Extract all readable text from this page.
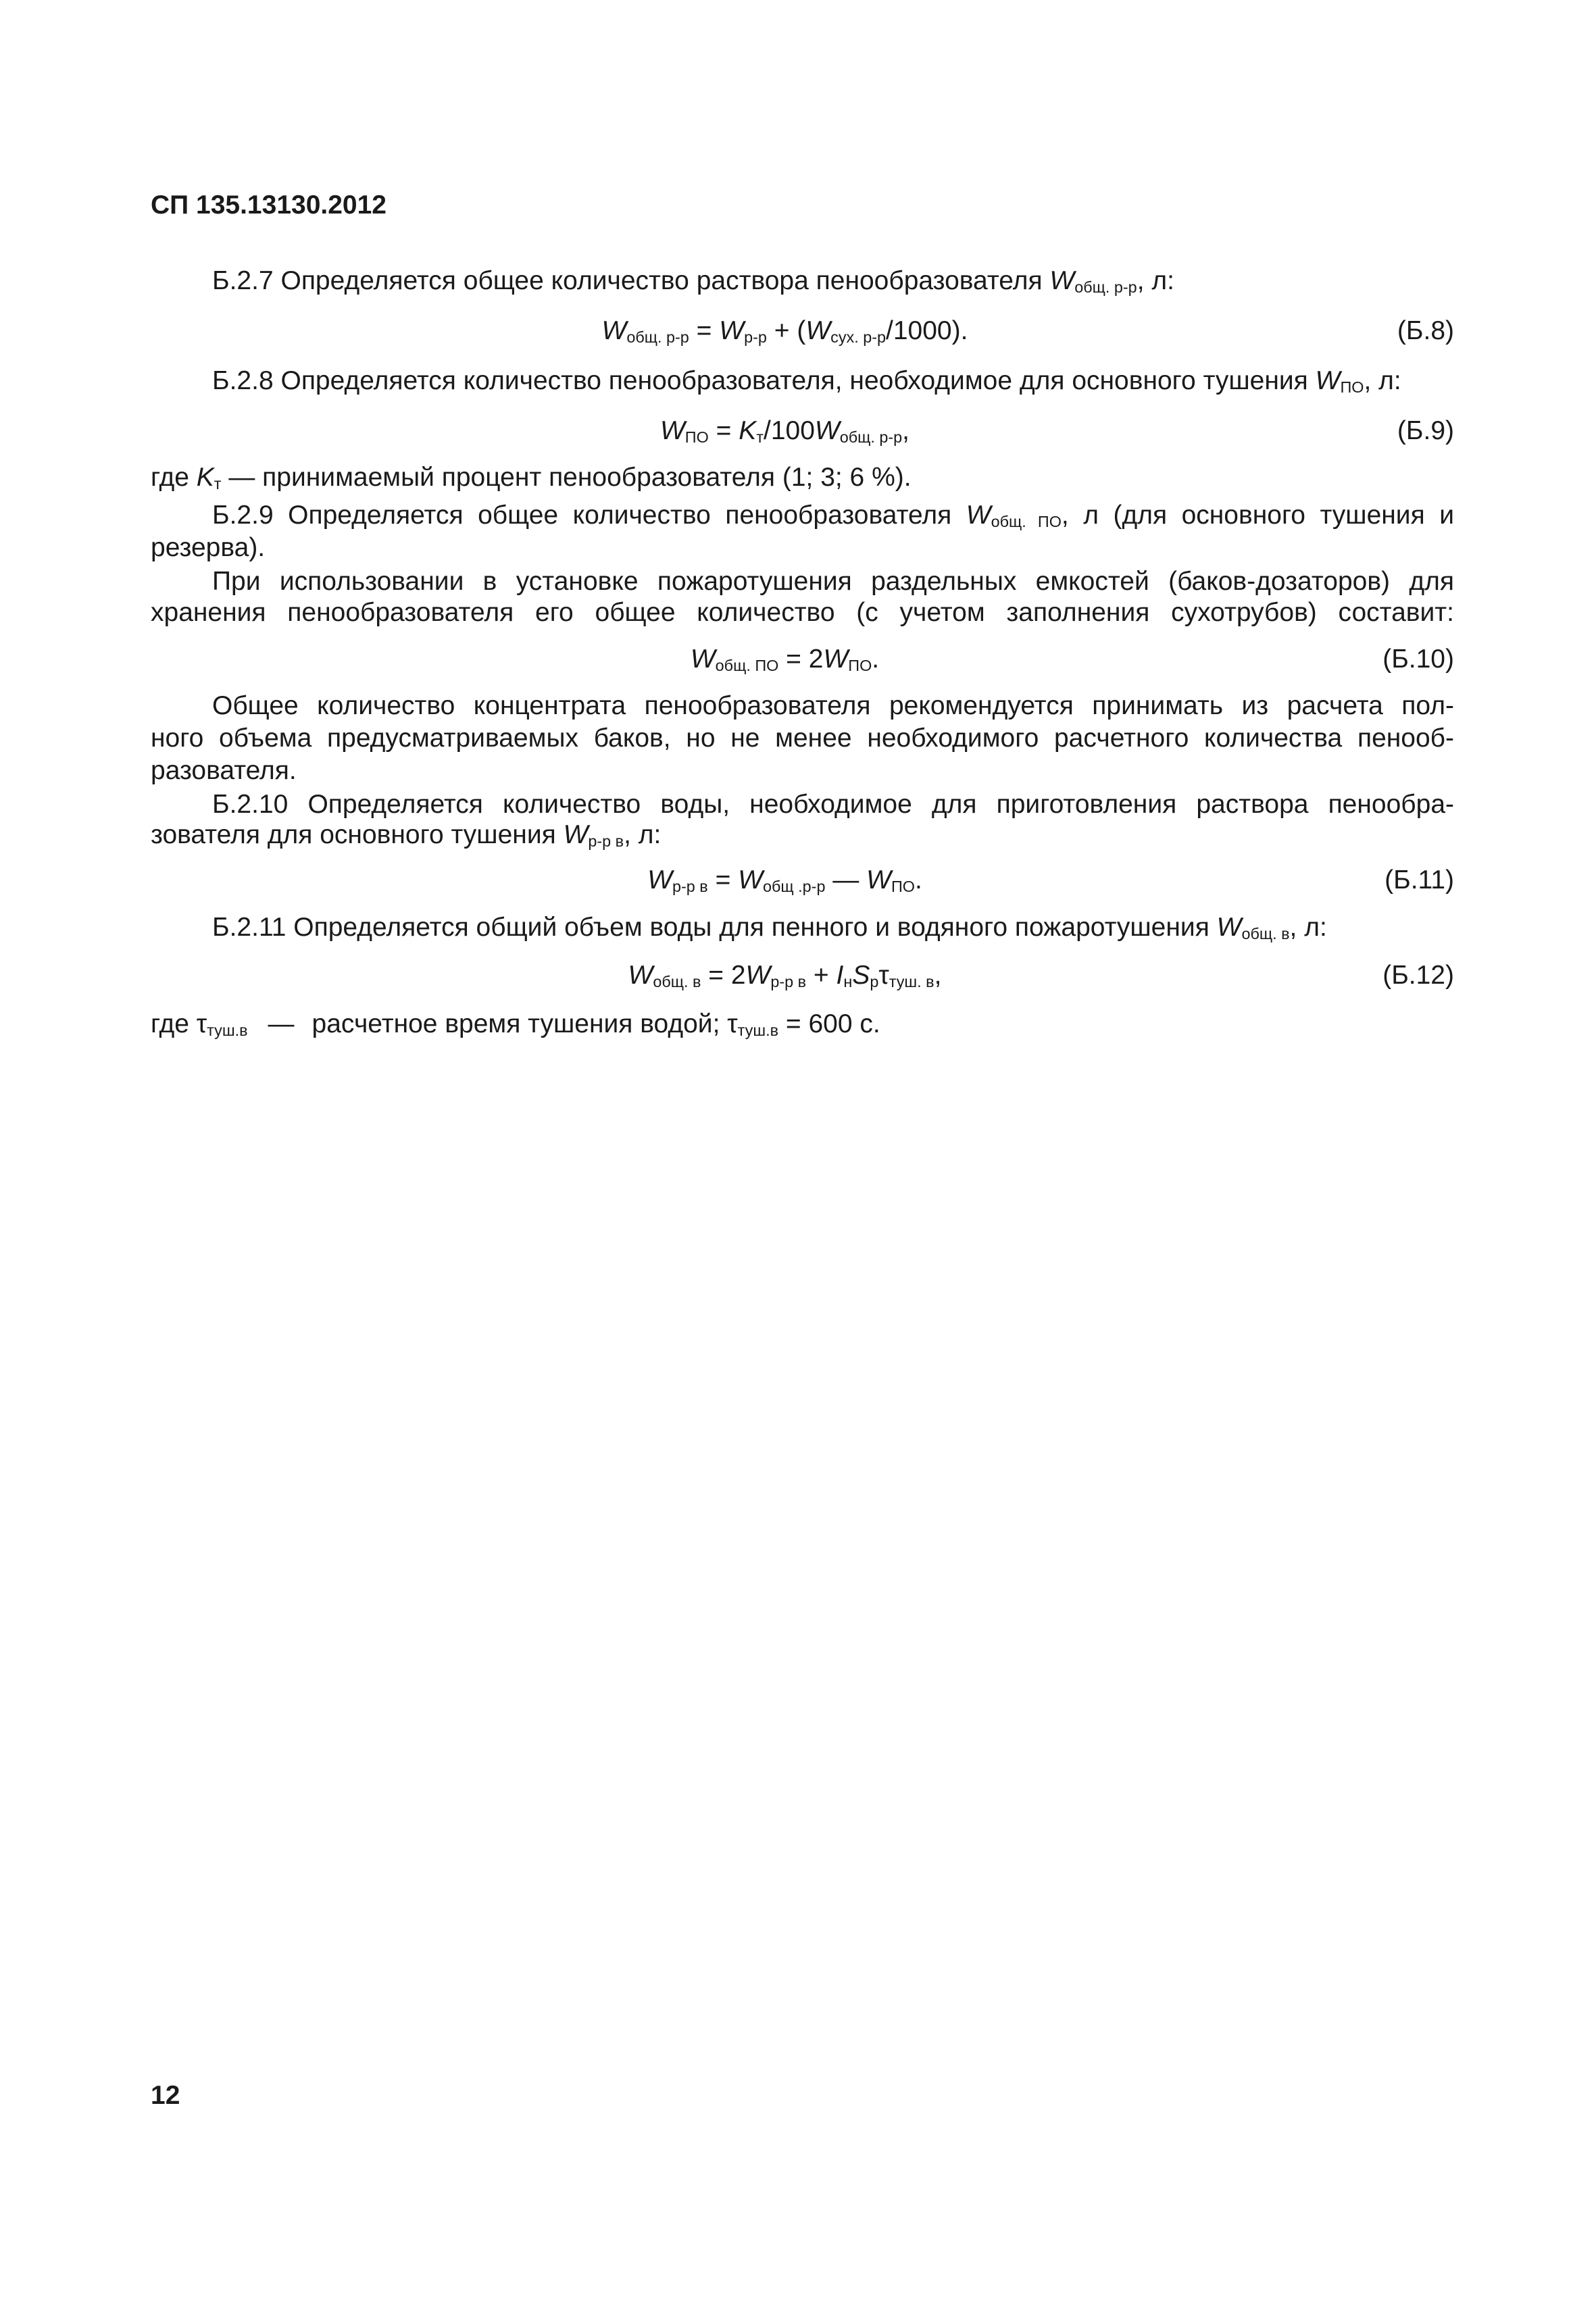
СП 135.13130.2012
Б.2.7 Определяется общее количество раствора пенообразователя Wобщ. р-р, л:
Wобщ. р-р = Wр-р + (Wсух. р-р/1000).	(Б.8)
Б.2.8 Определяется количество пенообразователя, необходимое для основного тушения WПО, л:
WПО = Kт/100Wобщ. р-р,	(Б.9)
где Kт — принимаемый процент пенообразователя (1; 3; 6 %).
Б.2.9 Определяется общее количество пенообразователя Wобщ. ПО, л (для основного тушения и
резерва).
При использовании в установке пожаротушения раздельных емкостей (баков-дозаторов) для
хранения пенообразователя его общее количество (с учетом заполнения сухотрубов) составит:
Wобщ. ПО = 2WПО.	(Б.10)
Общее количество концентрата пенообразователя рекомендуется принимать из расчета пол-
ного объема предусматриваемых баков, но не менее необходимого расчетного количества пенооб-
разователя.
Б.2.10 Определяется количество воды, необходимое для приготовления раствора пенообра-
зователя для основного тушения Wр-р в, л:
Wр-р в = Wобщ .р-р — WПО.	(Б.11)
Б.2.11 Определяется общий объем воды для пенного и водяного пожаротушения Wобщ. в, л:
Wобщ. в = 2Wр-р в + IнSрτтуш. в,	(Б.12)
где τтуш.в — расчетное время тушения водой; τтуш.в = 600 с.
12
